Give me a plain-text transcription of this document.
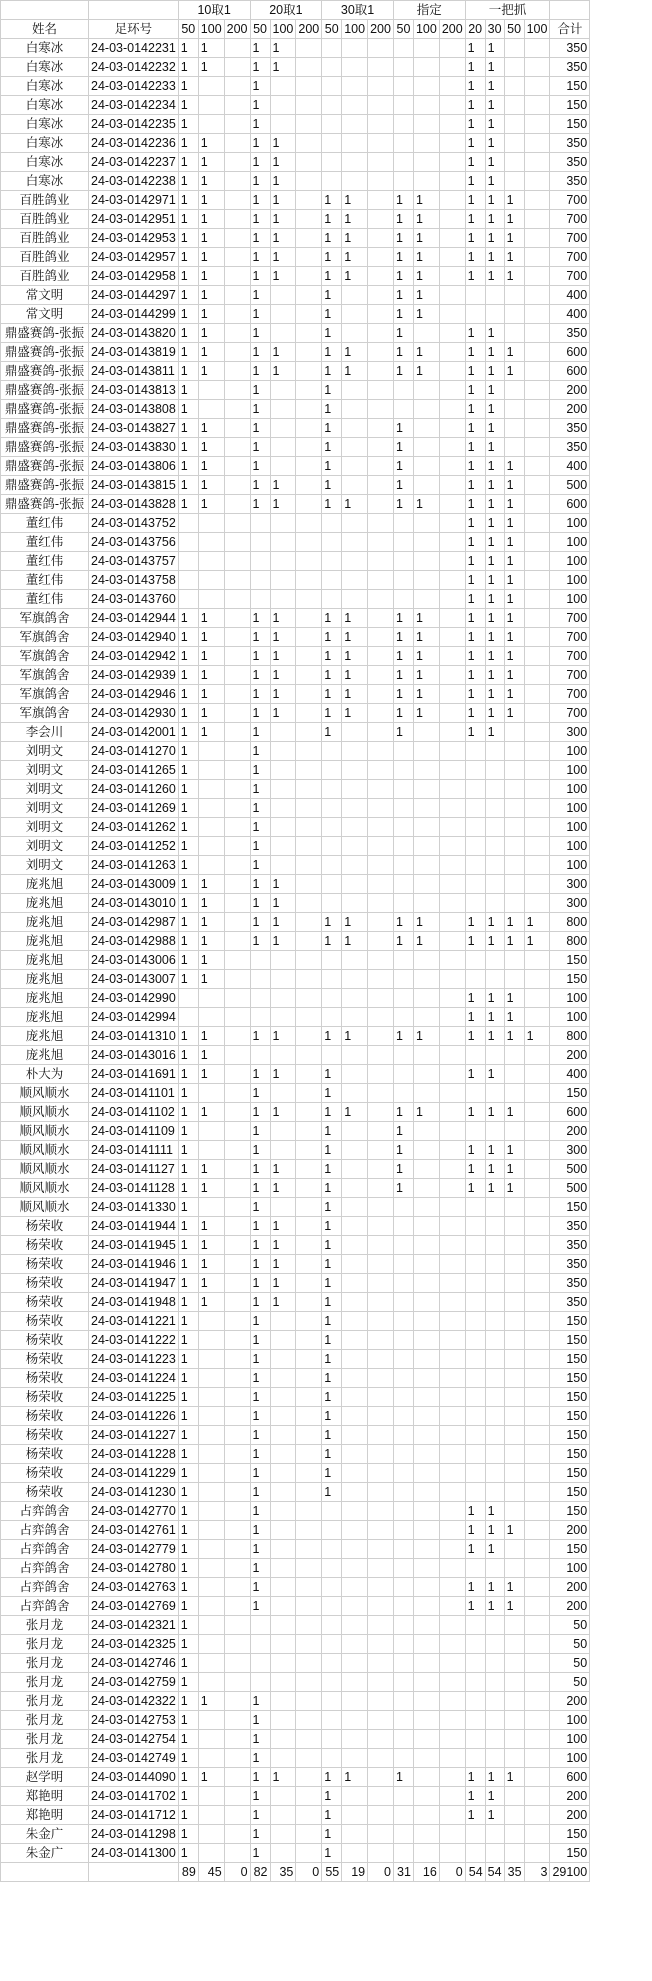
		10取1			20取1			30取1			指定			一把抓				
姓名	足环号	50	100	200	50	100	200	50	100	200	50	100	200	20	30	50	100	合计
白寒冰	24-03-0142231	1	1		1	1								1	1			350
白寒冰	24-03-0142232	1	1		1	1								1	1			350
白寒冰	24-03-0142233	1			1									1	1			150
白寒冰	24-03-0142234	1			1									1	1			150
白寒冰	24-03-0142235	1			1									1	1			150
白寒冰	24-03-0142236	1	1		1	1								1	1			350
白寒冰	24-03-0142237	1	1		1	1								1	1			350
白寒冰	24-03-0142238	1	1		1	1								1	1			350
百胜鸽业	24-03-0142971	1	1		1	1		1	1		1	1		1	1	1		700
百胜鸽业	24-03-0142951	1	1		1	1		1	1		1	1		1	1	1		700
百胜鸽业	24-03-0142953	1	1		1	1		1	1		1	1		1	1	1		700
百胜鸽业	24-03-0142957	1	1		1	1		1	1		1	1		1	1	1		700
百胜鸽业	24-03-0142958	1	1		1	1		1	1		1	1		1	1	1		700
常文明	24-03-0144297	1	1		1			1			1	1						400
常文明	24-03-0144299	1	1		1			1			1	1						400
鼎盛赛鸽-张振	24-03-0143820	1	1		1			1			1			1	1			350
鼎盛赛鸽-张振	24-03-0143819	1	1		1	1		1	1		1	1		1	1	1		600
鼎盛赛鸽-张振	24-03-0143811	1	1		1	1		1	1		1	1		1	1	1		600
鼎盛赛鸽-张振	24-03-0143813	1			1			1						1	1			200
鼎盛赛鸽-张振	24-03-0143808	1			1			1						1	1			200
鼎盛赛鸽-张振	24-03-0143827	1	1		1			1			1			1	1			350
鼎盛赛鸽-张振	24-03-0143830	1	1		1			1			1			1	1			350
鼎盛赛鸽-张振	24-03-0143806	1	1		1			1			1			1	1	1		400
鼎盛赛鸽-张振	24-03-0143815	1	1		1	1		1			1			1	1	1		500
鼎盛赛鸽-张振	24-03-0143828	1	1		1	1		1	1		1	1		1	1	1		600
董红伟	24-03-0143752													1	1	1		100
董红伟	24-03-0143756													1	1	1		100
董红伟	24-03-0143757													1	1	1		100
董红伟	24-03-0143758													1	1	1		100
董红伟	24-03-0143760													1	1	1		100
军旗鸽舍	24-03-0142944	1	1		1	1		1	1		1	1		1	1	1		700
军旗鸽舍	24-03-0142940	1	1		1	1		1	1		1	1		1	1	1		700
军旗鸽舍	24-03-0142942	1	1		1	1		1	1		1	1		1	1	1		700
军旗鸽舍	24-03-0142939	1	1		1	1		1	1		1	1		1	1	1		700
军旗鸽舍	24-03-0142946	1	1		1	1		1	1		1	1		1	1	1		700
军旗鸽舍	24-03-0142930	1	1		1	1		1	1		1	1		1	1	1		700
李会川	24-03-0142001	1	1		1			1			1			1	1			300
刘明文	24-03-0141270	1			1													100
刘明文	24-03-0141265	1			1													100
刘明文	24-03-0141260	1			1													100
刘明文	24-03-0141269	1			1													100
刘明文	24-03-0141262	1			1													100
刘明文	24-03-0141252	1			1													100
刘明文	24-03-0141263	1			1													100
庞兆旭	24-03-0143009	1	1		1	1												300
庞兆旭	24-03-0143010	1	1		1	1												300
庞兆旭	24-03-0142987	1	1		1	1		1	1		1	1		1	1	1	1	800
庞兆旭	24-03-0142988	1	1		1	1		1	1		1	1		1	1	1	1	800
庞兆旭	24-03-0143006	1	1															150
庞兆旭	24-03-0143007	1	1															150
庞兆旭	24-03-0142990													1	1	1		100
庞兆旭	24-03-0142994													1	1	1		100
庞兆旭	24-03-0141310	1	1		1	1		1	1		1	1		1	1	1	1	800
庞兆旭	24-03-0143016	1	1															200
朴大为	24-03-0141691	1	1		1	1		1						1	1			400
顺风顺水	24-03-0141101	1			1			1										150
顺风顺水	24-03-0141102	1	1		1	1		1	1		1	1		1	1	1		600
顺风顺水	24-03-0141109	1			1			1			1							200
顺风顺水	24-03-0141111	1			1			1			1			1	1	1		300
顺风顺水	24-03-0141127	1	1		1	1		1			1			1	1	1		500
顺风顺水	24-03-0141128	1	1		1	1		1			1			1	1	1		500
顺风顺水	24-03-0141330	1			1			1										150
杨荣收	24-03-0141944	1	1		1	1		1										350
杨荣收	24-03-0141945	1	1		1	1		1										350
杨荣收	24-03-0141946	1	1		1	1		1										350
杨荣收	24-03-0141947	1	1		1	1		1										350
杨荣收	24-03-0141948	1	1		1	1		1										350
杨荣收	24-03-0141221	1			1			1										150
杨荣收	24-03-0141222	1			1			1										150
杨荣收	24-03-0141223	1			1			1										150
杨荣收	24-03-0141224	1			1			1										150
杨荣收	24-03-0141225	1			1			1										150
杨荣收	24-03-0141226	1			1			1										150
杨荣收	24-03-0141227	1			1			1										150
杨荣收	24-03-0141228	1			1			1										150
杨荣收	24-03-0141229	1			1			1										150
杨荣收	24-03-0141230	1			1			1										150
占弈鸽舍	24-03-0142770	1			1									1	1			150
占弈鸽舍	24-03-0142761	1			1									1	1	1		200
占弈鸽舍	24-03-0142779	1			1									1	1			150
占弈鸽舍	24-03-0142780	1			1													100
占弈鸽舍	24-03-0142763	1			1									1	1	1		200
占弈鸽舍	24-03-0142769	1			1									1	1	1		200
张月龙	24-03-0142321	1																50
张月龙	24-03-0142325	1																50
张月龙	24-03-0142746	1																50
张月龙	24-03-0142759	1																50
张月龙	24-03-0142322	1	1		1													200
张月龙	24-03-0142753	1			1													100
张月龙	24-03-0142754	1			1													100
张月龙	24-03-0142749	1			1													100
赵学明	24-03-0144090	1	1		1	1		1	1		1			1	1	1		600
郑艳明	24-03-0141702	1			1			1						1	1			200
郑艳明	24-03-0141712	1			1			1						1	1			200
朱金广	24-03-0141298	1			1			1										150
朱金广	24-03-0141300	1			1			1										150
		89	45	0	82	35	0	55	19	0	31	16	0	54	54	35	3	29100
